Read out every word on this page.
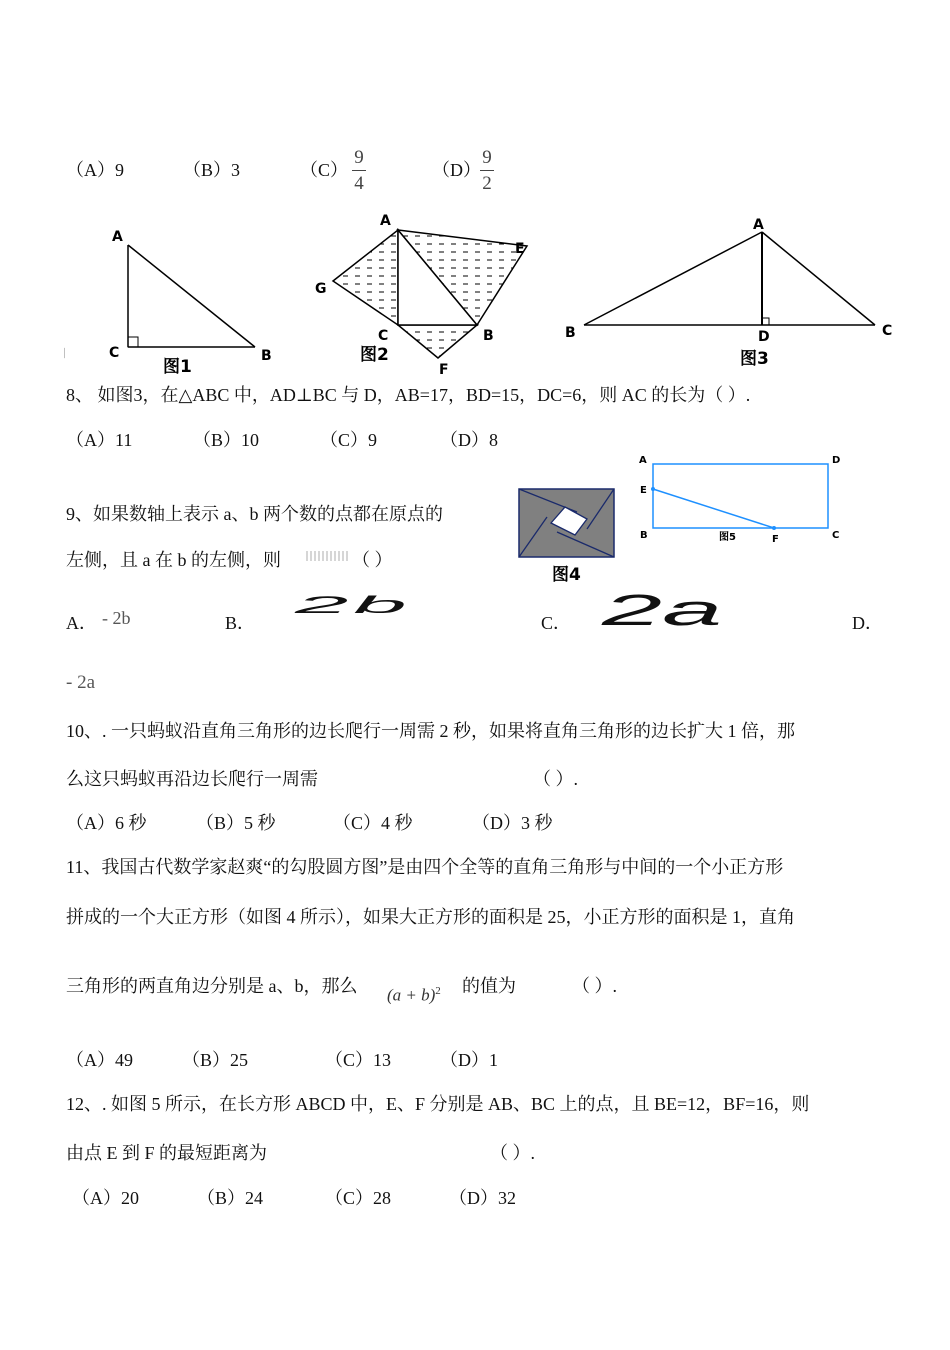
（A）9	（B）3	（C）
9
4
（D）
9
2
A
C	B
图1
—
A
E
G
C	B
F
图2
A
B	D	C
图3
8、 如图3，在△ABC 中，AD⊥BC 与 D，AB=17，BD=15，DC=6，则 AC 的长为（ ）.
（A）11	（B）10	（C）9	（D）8
图4
A	D
E
B	F	C
图5
9、如果数轴上表示 a、b 两个数的点都在原点的
左侧，且 a 在 b 的左侧，则	（ ）
A． - 2b	B．
2b
C． 2a	D．
- 2a
10、. 一只蚂蚁沿直角三角形的边长爬行一周需 2 秒，如果将直角三角形的边长扩大 1 倍，那
么这只蚂蚁再沿边长爬行一周需	（ ）.
（A）6 秒	（B）5 秒	（C）4 秒	（D）3 秒
11、我国古代数学家赵爽“的勾股圆方图”是由四个全等的直角三角形与中间的一个小正方形
拼成的一个大正方形（如图 4 所示），如果大正方形的面积是 25，小正方形的面积是 1，直角
三角形的两直角边分别是 a、b，那么 $(a + b)^2$ 的值为	（ ）.
（A）49	（B）25	（C）13	（D）1
12、. 如图 5 所示，在长方形 ABCD 中，E、F 分别是 AB、BC 上的点，且 BE=12，BF=16，则
由点 E 到 F 的最短距离为	（ ）.
（A）20	（B）24	（C）28	（D）32
